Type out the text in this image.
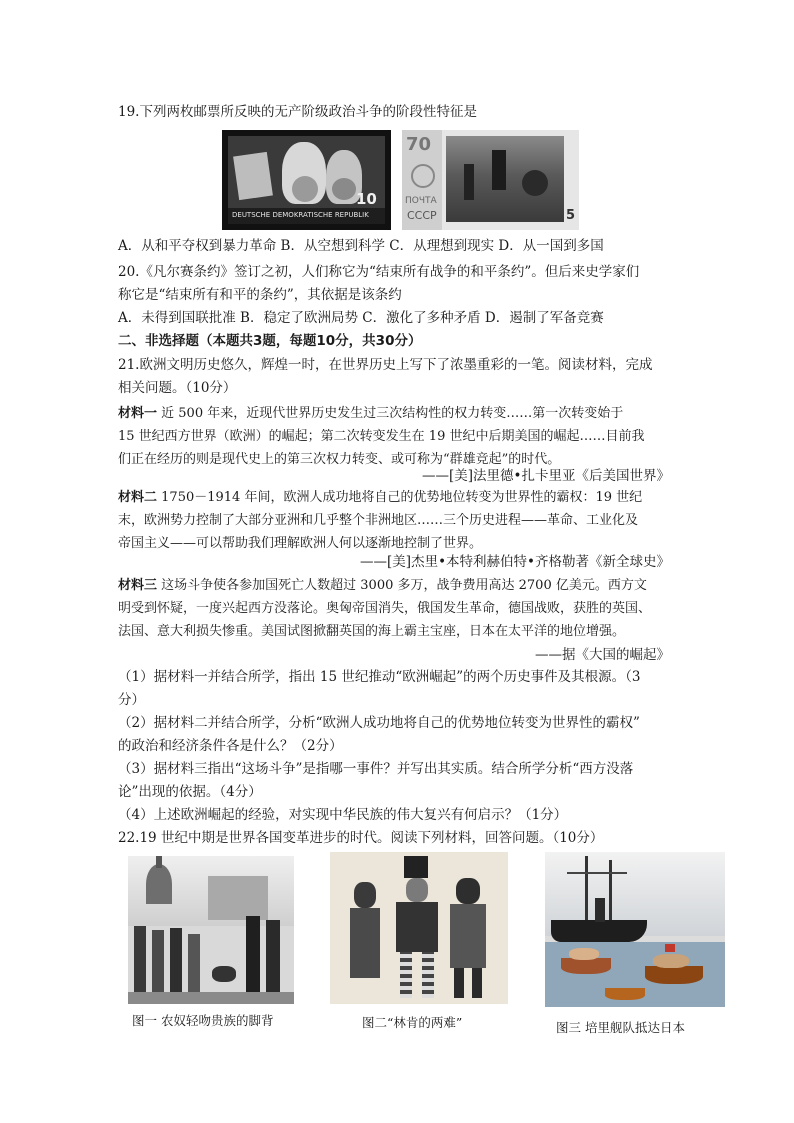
19.下列两枚邮票所反映的无产阶级政治斗争的阶段性特征是
DEUTSCHE DEMOKRATISCHE REPUBLIK
10
70
ПОЧТА
СССР	5
A．从和平夺权到暴力革命 B．从空想到科学 C．从理想到现实 D．从一国到多国
20.《凡尔赛条约》签订之初，人们称它为“结束所有战争的和平条约”。但后来史学家们
称它是“结束所有和平的条约”，其依据是该条约
A．未得到国联批准 B．稳定了欧洲局势 C．激化了多种矛盾 D．遏制了军备竞赛
二、非选择题（本题共3题，每题10分，共30分）
21.欧洲文明历史悠久，辉煌一时，在世界历史上写下了浓墨重彩的一笔。阅读材料，完成
相关问题。（10分）
材料一 近 500 年来，近现代世界历史发生过三次结构性的权力转变……第一次转变始于
15 世纪西方世界（欧洲）的崛起；第二次转变发生在 19 世纪中后期美国的崛起……目前我
们正在经历的则是现代史上的第三次权力转变、或可称为“群雄竞起”的时代。
——[美]法里德•扎卡里亚《后美国世界》
材料二 1750－1914 年间，欧洲人成功地将自己的优势地位转变为世界性的霸权：19 世纪
末，欧洲势力控制了大部分亚洲和几乎整个非洲地区……三个历史进程——革命、工业化及
帝国主义——可以帮助我们理解欧洲人何以逐渐地控制了世界。
——[美]杰里•本特利赫伯特•齐格勒著《新全球史》
材料三 这场斗争使各参加国死亡人数超过 3000 多万，战争费用高达 2700 亿美元。西方文
明受到怀疑，一度兴起西方没落论。奥匈帝国消失，俄国发生革命，德国战败，获胜的英国、
法国、意大利损失惨重。美国试图掀翻英国的海上霸主宝座，日本在太平洋的地位增强。
——据《大国的崛起》
（1）据材料一并结合所学，指出 15 世纪推动“欧洲崛起”的两个历史事件及其根源。（3
分）
（2）据材料二并结合所学，分析“欧洲人成功地将自己的优势地位转变为世界性的霸权”
的政治和经济条件各是什么？（2分）
（3）据材料三指出“这场斗争”是指哪一事件？并写出其实质。结合所学分析“西方没落
论”出现的依据。（4分）
（4）上述欧洲崛起的经验，对实现中华民族的伟大复兴有何启示？（1分）
22.19 世纪中期是世界各国变革进步的时代。阅读下列材料，回答问题。（10分）
图一 农奴轻吻贵族的脚背	图二“林肯的两难”	图三 培里舰队抵达日本
